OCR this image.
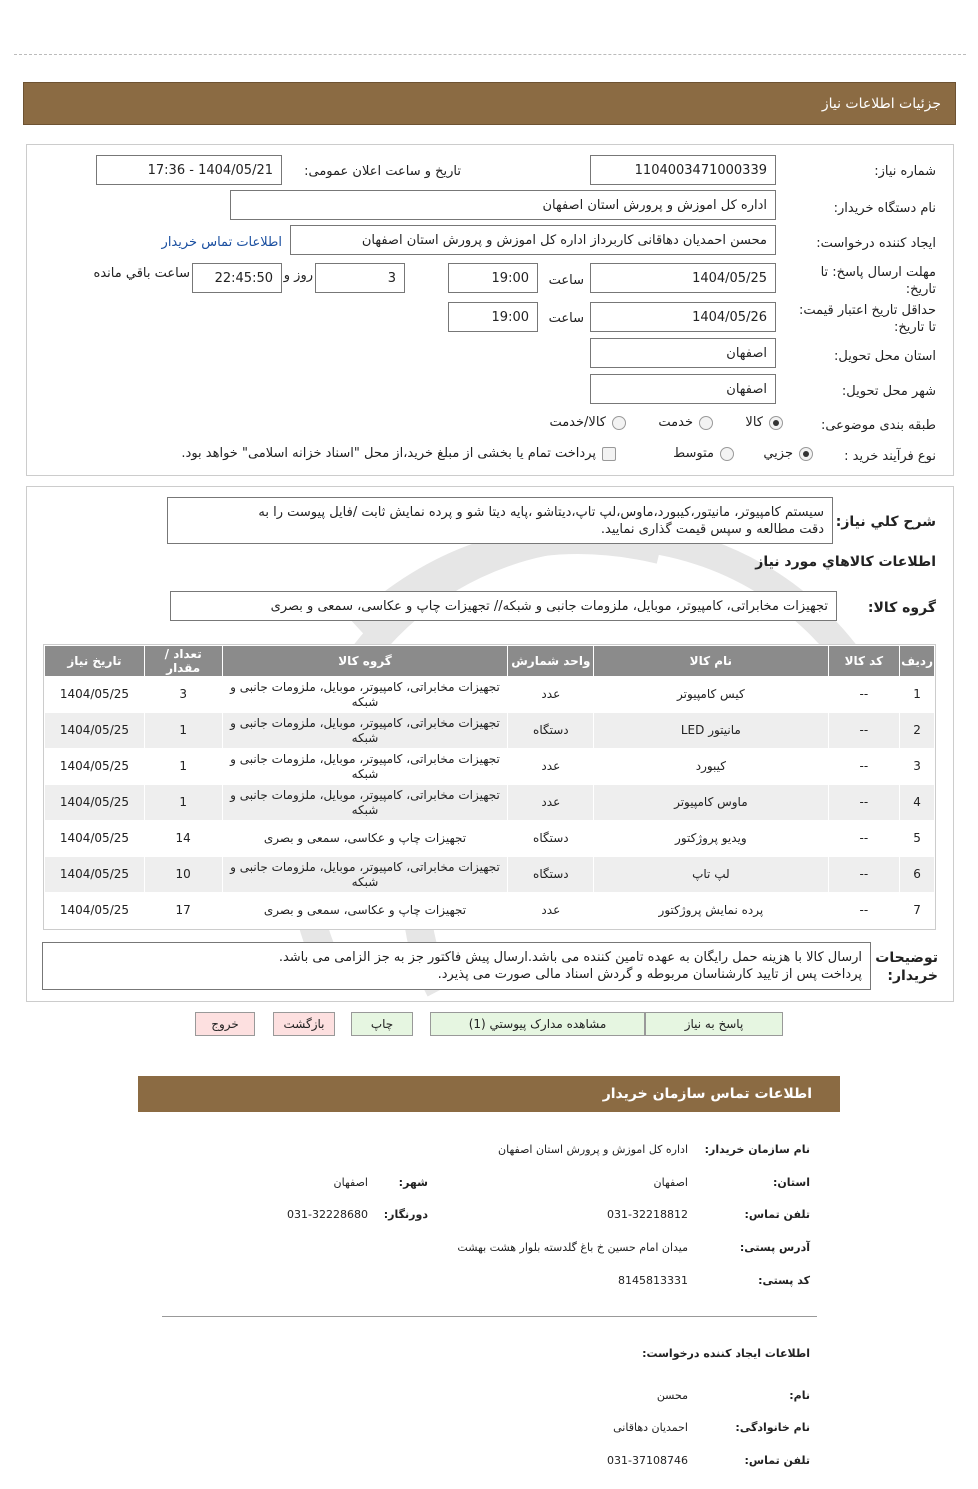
جزئیات اطلاعات نیاز
شماره نیاز:
1104003471000339
تاریخ و ساعت اعلان عمومی:
1404/05/21 - 17:36
نام دستگاه خریدار:
اداره کل اموزش و پرورش استان اصفهان
ایجاد کننده درخواست:
محسن احمدیان دهاقانی کاربرداز اداره کل اموزش و پرورش استان اصفهان
اطلاعات تماس خریدار
مهلت ارسال پاسخ: تا
تاریخ:
1404/05/25
ساعت
19:00
3
روز و
22:45:50
ساعت باقي مانده
حداقل تاریخ اعتبار قیمت:
تا تاریخ:
1404/05/26
ساعت
19:00
استان محل تحویل:
اصفهان
شهر محل تحویل:
اصفهان
طبقه بندی موضوعی:
کالا
خدمت
کالا/خدمت
نوع فرآیند خرید :
جزيي
متوسط
پرداخت تمام یا بخشی از مبلغ خرید،از محل "اسناد خزانه اسلامی" خواهد بود.
شرح کلي نياز:
سیستم کامپیوتر، مانیتور،کیبورد،ماوس،لپ تاپ،دیتاشو ،پایه دیتا شو و پرده نمایش ثابت /فایل پیوست را به
دقت مطالعه و سپس قیمت گذاری نمایید.
اطلاعات کالاهاي مورد نياز
گروه کالا:
تجهیزات مخابراتی، کامپیوتر، موبایل، ملزومات جانبی و شبکه// تجهیزات چاپ و عکاسی، سمعی و بصری
ردیف	کد کالا	نام کالا	واحد شمارش	گروه کالا	تعداد / مقدار	تاریخ نیاز
1	--	کیس کامپیوتر	عدد	تجهیزات مخابراتی، کامپیوتر، موبایل، ملزومات جانبی و شبکه	3	1404/05/25
2	--	مانیتور LED	دستگاه	تجهیزات مخابراتی، کامپیوتر، موبایل، ملزومات جانبی و شبکه	1	1404/05/25
3	--	کیبورد	عدد	تجهیزات مخابراتی، کامپیوتر، موبایل، ملزومات جانبی و شبکه	1	1404/05/25
4	--	ماوس کامپیوتر	عدد	تجهیزات مخابراتی، کامپیوتر، موبایل، ملزومات جانبی و شبکه	1	1404/05/25
5	--	ویدیو پروژکتور	دستگاه	تجهیزات چاپ و عکاسی، سمعی و بصری	14	1404/05/25
6	--	لپ تاپ	دستگاه	تجهیزات مخابراتی، کامپیوتر، موبایل، ملزومات جانبی و شبکه	10	1404/05/25
7	--	پرده نمایش پروژکتور	عدد	تجهیزات چاپ و عکاسی، سمعی و بصری	17	1404/05/25
توضیحات
خریدار:
ارسال کالا با هزینه حمل رایگان به عهده تامین کننده می باشد.ارسال پیش فاکتور جز به جز الزامی می باشد.
پرداخت پس از تایید کارشناسان مربوطه و گردش اسناد مالی صورت می پذیرد.
پاسخ به نیاز
مشاهده مدارک پیوستي (1)
چاپ
بازگشت
خروج
اطلاعات تماس سازمان خریدار
نام سازمان خریدار:
اداره کل اموزش و پرورش استان اصفهان
استان:
اصفهان
شهر:
اصفهان
تلفن تماس:
031-32218812
دورنگار:
031-32228680
آدرس پستی:
میدان امام حسین خ باغ گلدسته بلوار هشت بهشت
کد پستی:
8145813331
اطلاعات ایجاد کننده درخواست:
نام:
محسن
نام خانوادگی:
احمدیان دهاقانی
تلفن تماس:
031-37108746
